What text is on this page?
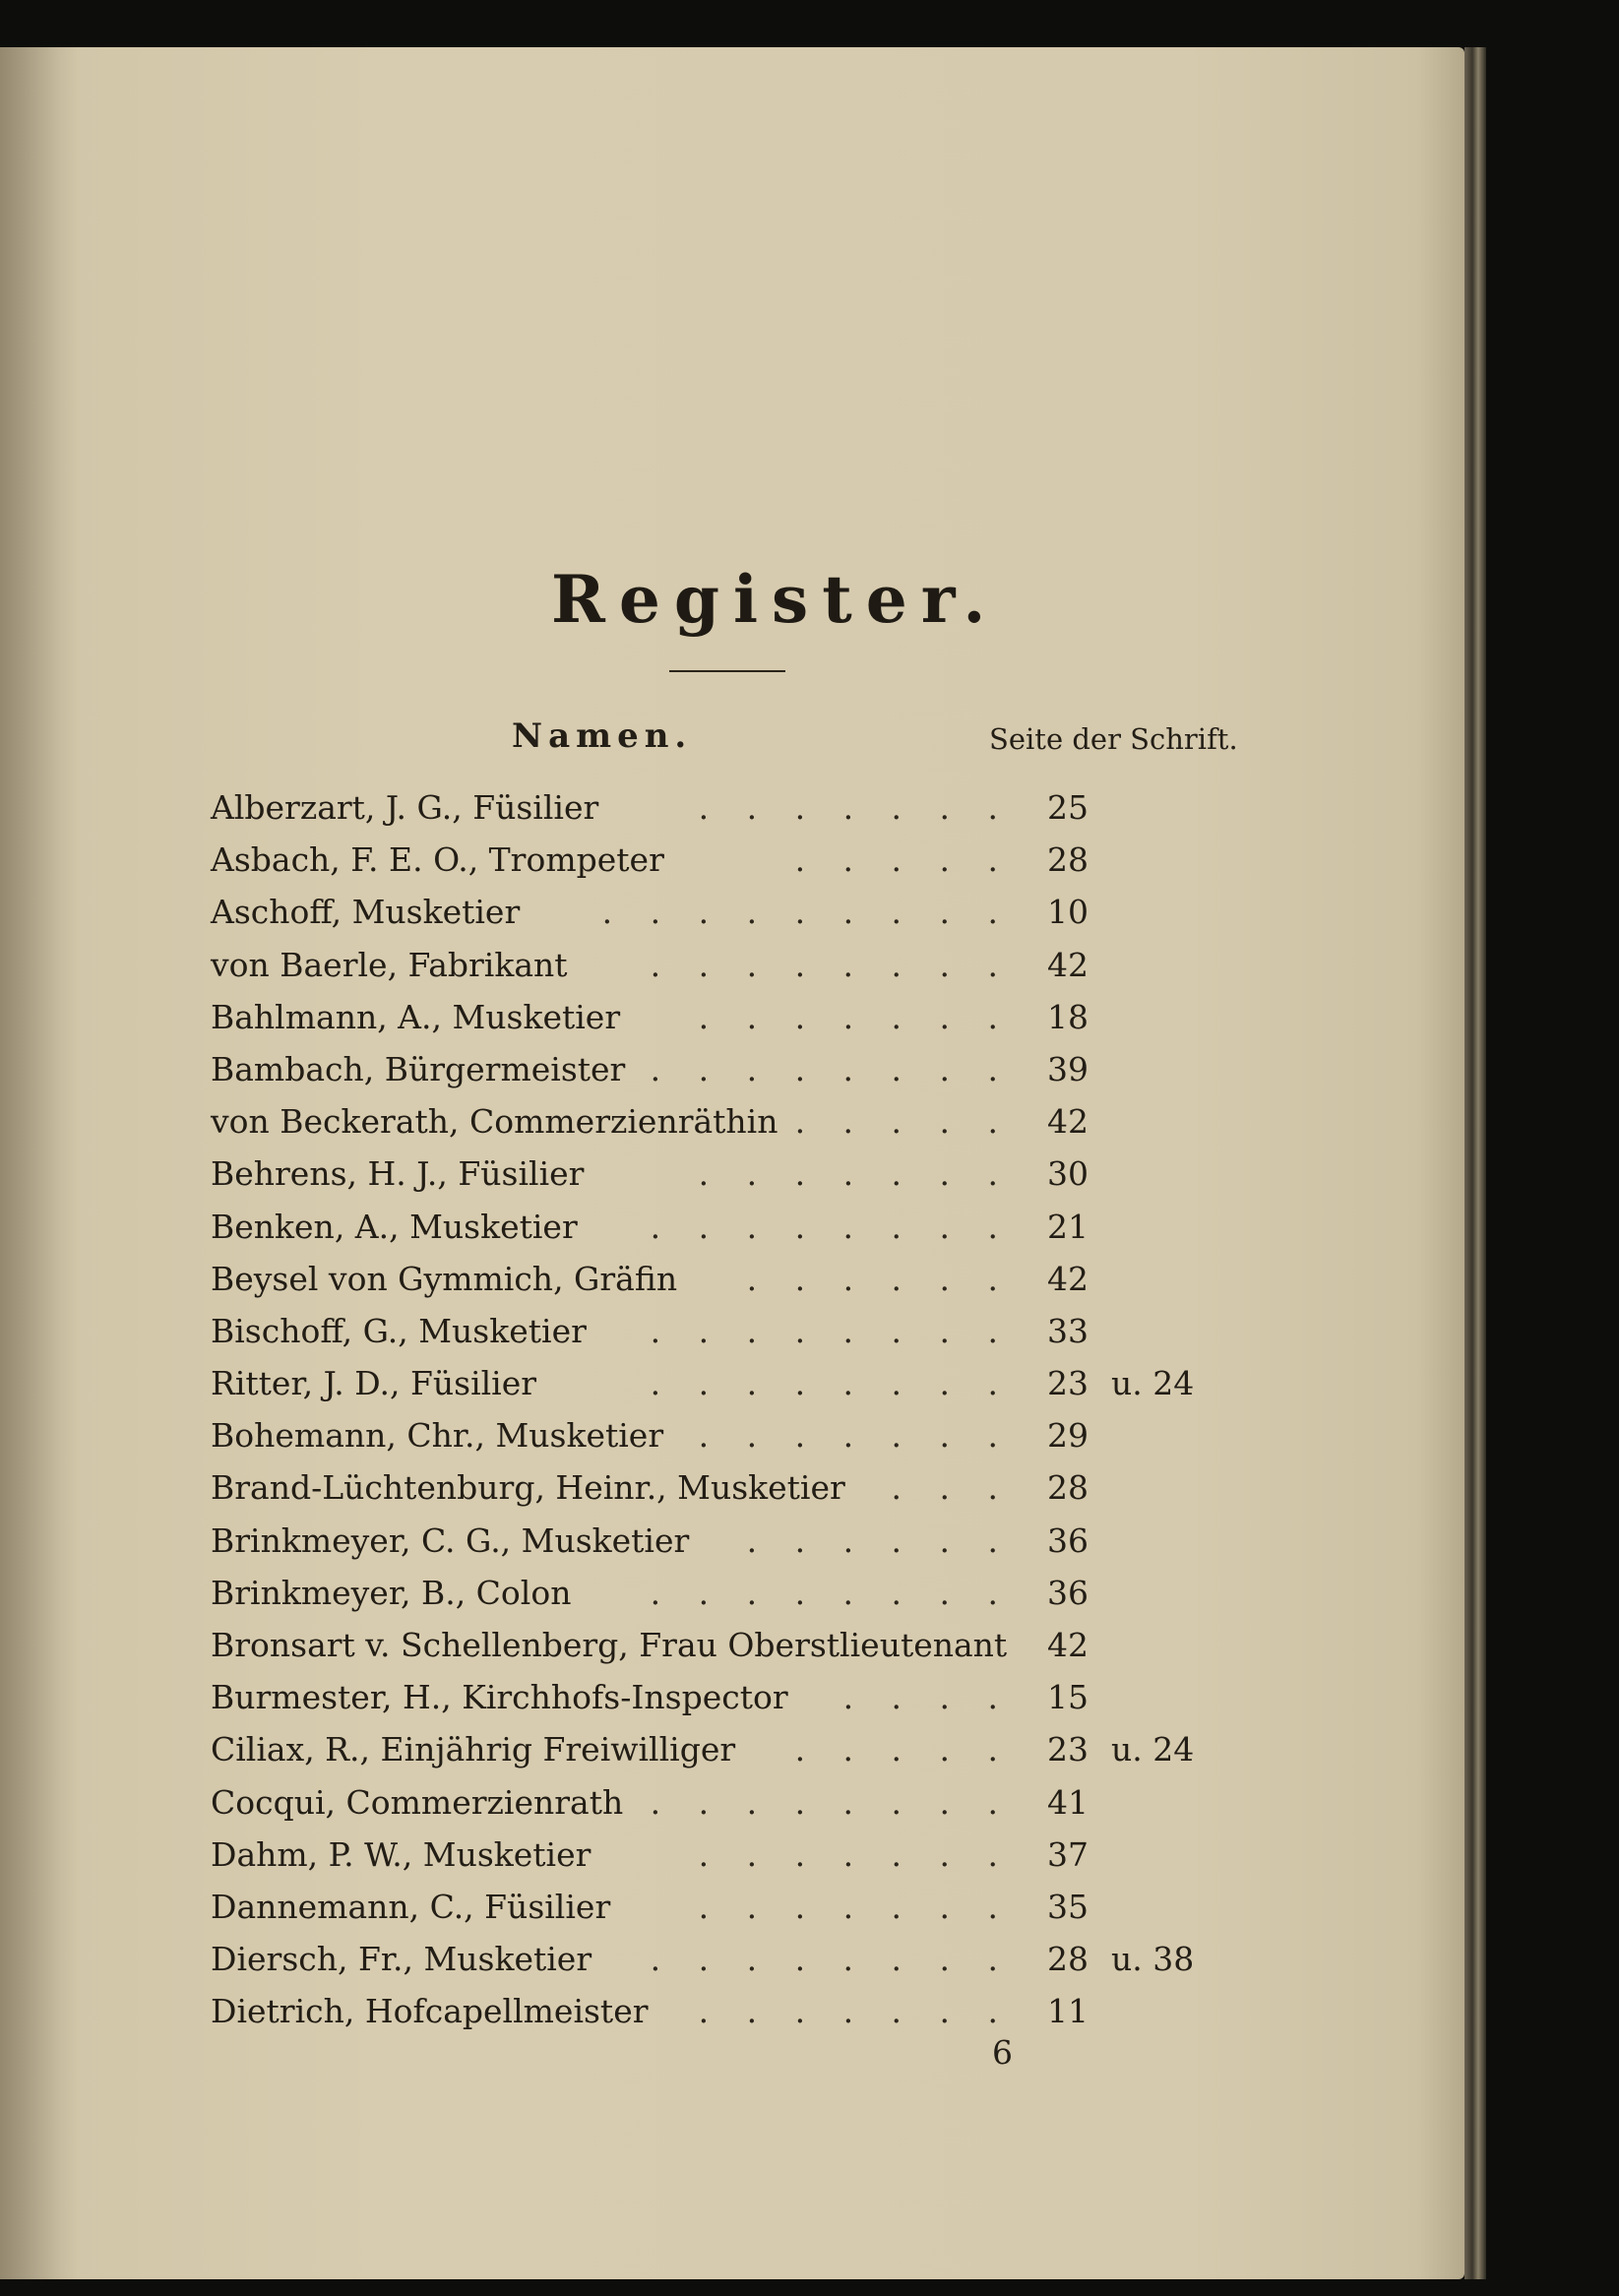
Register.
Namen.	Seite der Schrift.
Alberzart, J. G., Füsilier	. . . . . . . 25
Asbach, F. E. O., Trompeter	. . . . . 28
Aschoff, Musketier	. . . . . . . . . 10
von Baerle, Fabrikant	. . . . . . . . 42
Bahlmann, A., Musketier . . . . . . . 18
Bambach, Bürgermeister . . . . . . . . 39
von Beckerath, Commerzienräthin . . . . . 42
Behrens, H. J., Füsilier	. . . . . . . 30
Benken, A., Musketier . . . . . . . . 21
Beysel von Gymmich, Gräfin . . . . . . 42
Bischoff, G., Musketier . . . . . . . . 33
Ritter, J. D., Füsilier	. . . . . . . . 23 u. 24
Bohemann, Chr., Musketier . . . . . . . 29
Brand-Lüchtenburg, Heinr., Musketier . . . 28
Brinkmeyer, C. G., Musketier . . . . . . 36
Brinkmeyer, B., Colon . . . . . . . . 36
Bronsart v. Schellenberg, Frau Oberstlieutenant 42
Burmester, H., Kirchhofs-Inspector . . . . 15
Ciliax, R., Einjährig Freiwilliger . . . . . 23 u. 24
Cocqui, Commerzienrath . . . . . . . . 41
Dahm, P. W., Musketier	. . . . . . . 37
Dannemann, C., Füsilier	. . . . . . . 35
Diersch, Fr., Musketier . . . . . . . . 28 u. 38
Dietrich, Hofcapellmeister . . . . . . . 11
6
